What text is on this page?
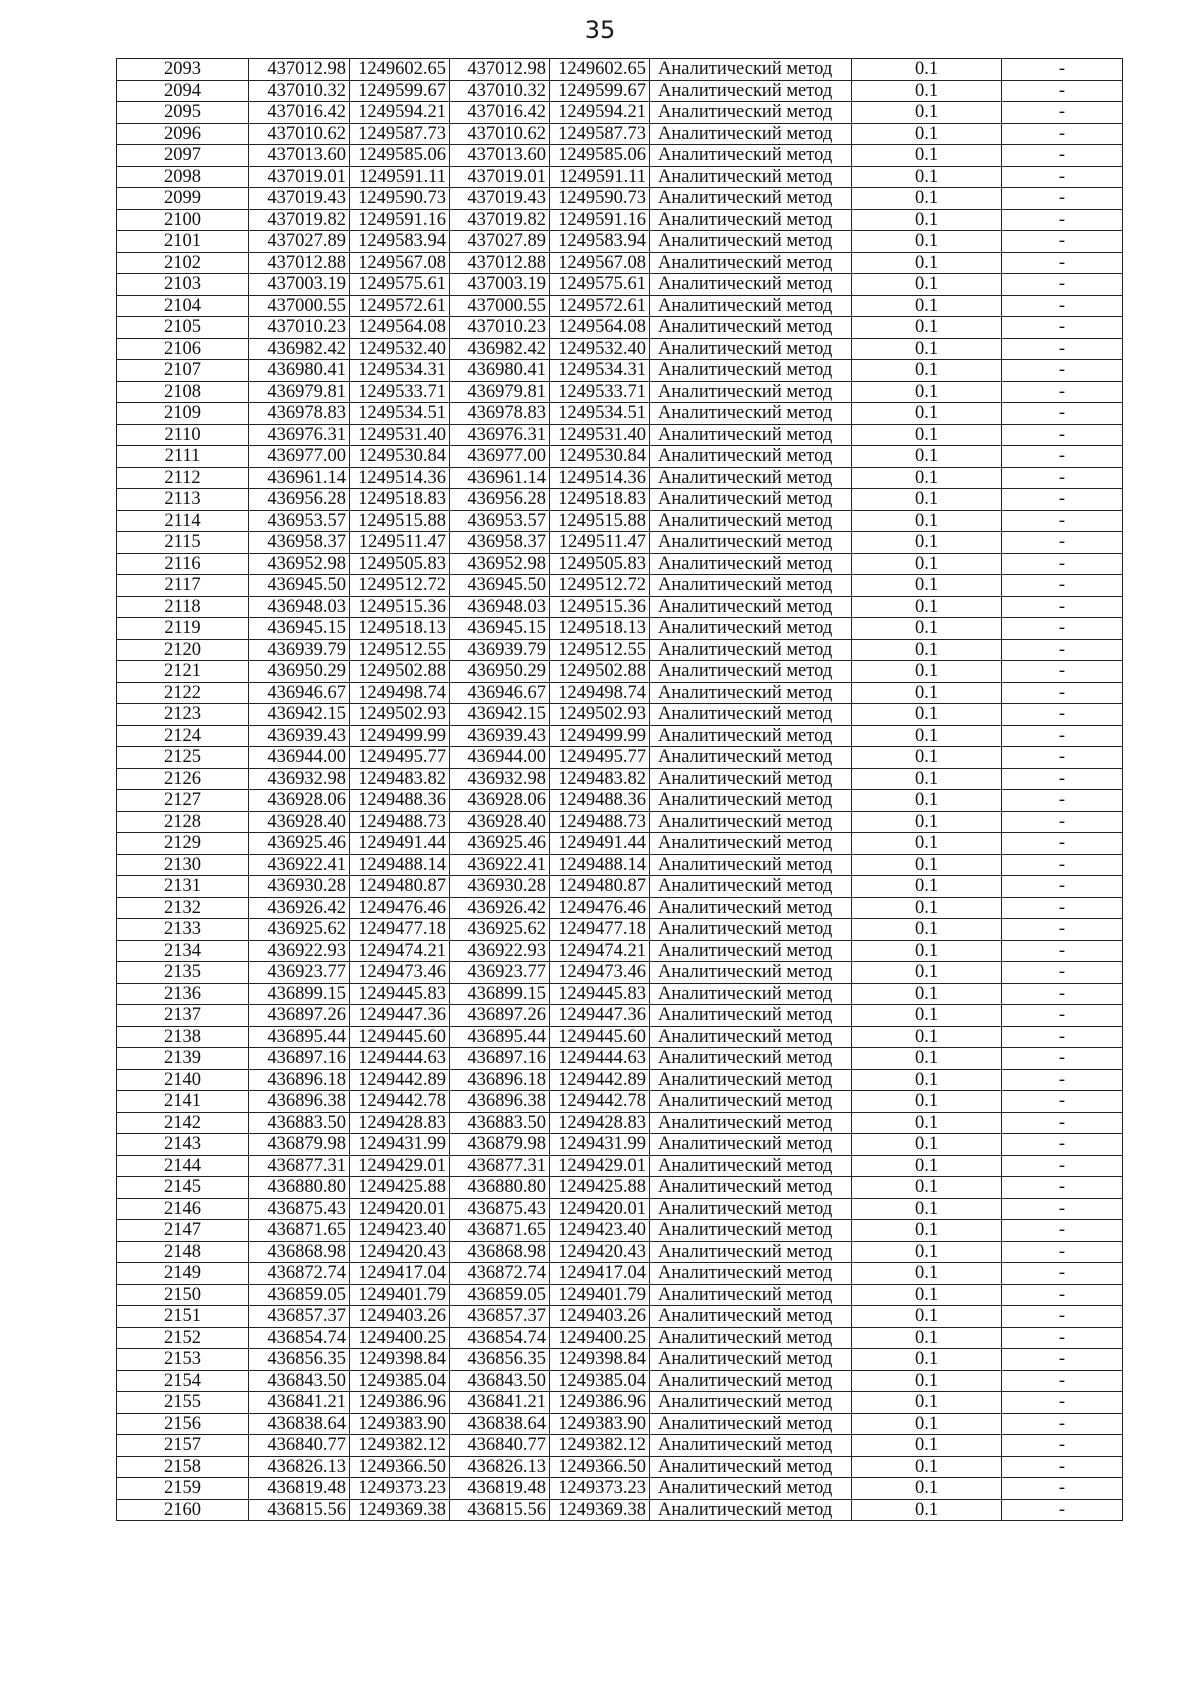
35
2093	437012.98	1249602.65	437012.98	1249602.65	Аналитический метод	0.1	-
2094	437010.32	1249599.67	437010.32	1249599.67	Аналитический метод	0.1	-
2095	437016.42	1249594.21	437016.42	1249594.21	Аналитический метод	0.1	-
2096	437010.62	1249587.73	437010.62	1249587.73	Аналитический метод	0.1	-
2097	437013.60	1249585.06	437013.60	1249585.06	Аналитический метод	0.1	-
2098	437019.01	1249591.11	437019.01	1249591.11	Аналитический метод	0.1	-
2099	437019.43	1249590.73	437019.43	1249590.73	Аналитический метод	0.1	-
2100	437019.82	1249591.16	437019.82	1249591.16	Аналитический метод	0.1	-
2101	437027.89	1249583.94	437027.89	1249583.94	Аналитический метод	0.1	-
2102	437012.88	1249567.08	437012.88	1249567.08	Аналитический метод	0.1	-
2103	437003.19	1249575.61	437003.19	1249575.61	Аналитический метод	0.1	-
2104	437000.55	1249572.61	437000.55	1249572.61	Аналитический метод	0.1	-
2105	437010.23	1249564.08	437010.23	1249564.08	Аналитический метод	0.1	-
2106	436982.42	1249532.40	436982.42	1249532.40	Аналитический метод	0.1	-
2107	436980.41	1249534.31	436980.41	1249534.31	Аналитический метод	0.1	-
2108	436979.81	1249533.71	436979.81	1249533.71	Аналитический метод	0.1	-
2109	436978.83	1249534.51	436978.83	1249534.51	Аналитический метод	0.1	-
2110	436976.31	1249531.40	436976.31	1249531.40	Аналитический метод	0.1	-
2111	436977.00	1249530.84	436977.00	1249530.84	Аналитический метод	0.1	-
2112	436961.14	1249514.36	436961.14	1249514.36	Аналитический метод	0.1	-
2113	436956.28	1249518.83	436956.28	1249518.83	Аналитический метод	0.1	-
2114	436953.57	1249515.88	436953.57	1249515.88	Аналитический метод	0.1	-
2115	436958.37	1249511.47	436958.37	1249511.47	Аналитический метод	0.1	-
2116	436952.98	1249505.83	436952.98	1249505.83	Аналитический метод	0.1	-
2117	436945.50	1249512.72	436945.50	1249512.72	Аналитический метод	0.1	-
2118	436948.03	1249515.36	436948.03	1249515.36	Аналитический метод	0.1	-
2119	436945.15	1249518.13	436945.15	1249518.13	Аналитический метод	0.1	-
2120	436939.79	1249512.55	436939.79	1249512.55	Аналитический метод	0.1	-
2121	436950.29	1249502.88	436950.29	1249502.88	Аналитический метод	0.1	-
2122	436946.67	1249498.74	436946.67	1249498.74	Аналитический метод	0.1	-
2123	436942.15	1249502.93	436942.15	1249502.93	Аналитический метод	0.1	-
2124	436939.43	1249499.99	436939.43	1249499.99	Аналитический метод	0.1	-
2125	436944.00	1249495.77	436944.00	1249495.77	Аналитический метод	0.1	-
2126	436932.98	1249483.82	436932.98	1249483.82	Аналитический метод	0.1	-
2127	436928.06	1249488.36	436928.06	1249488.36	Аналитический метод	0.1	-
2128	436928.40	1249488.73	436928.40	1249488.73	Аналитический метод	0.1	-
2129	436925.46	1249491.44	436925.46	1249491.44	Аналитический метод	0.1	-
2130	436922.41	1249488.14	436922.41	1249488.14	Аналитический метод	0.1	-
2131	436930.28	1249480.87	436930.28	1249480.87	Аналитический метод	0.1	-
2132	436926.42	1249476.46	436926.42	1249476.46	Аналитический метод	0.1	-
2133	436925.62	1249477.18	436925.62	1249477.18	Аналитический метод	0.1	-
2134	436922.93	1249474.21	436922.93	1249474.21	Аналитический метод	0.1	-
2135	436923.77	1249473.46	436923.77	1249473.46	Аналитический метод	0.1	-
2136	436899.15	1249445.83	436899.15	1249445.83	Аналитический метод	0.1	-
2137	436897.26	1249447.36	436897.26	1249447.36	Аналитический метод	0.1	-
2138	436895.44	1249445.60	436895.44	1249445.60	Аналитический метод	0.1	-
2139	436897.16	1249444.63	436897.16	1249444.63	Аналитический метод	0.1	-
2140	436896.18	1249442.89	436896.18	1249442.89	Аналитический метод	0.1	-
2141	436896.38	1249442.78	436896.38	1249442.78	Аналитический метод	0.1	-
2142	436883.50	1249428.83	436883.50	1249428.83	Аналитический метод	0.1	-
2143	436879.98	1249431.99	436879.98	1249431.99	Аналитический метод	0.1	-
2144	436877.31	1249429.01	436877.31	1249429.01	Аналитический метод	0.1	-
2145	436880.80	1249425.88	436880.80	1249425.88	Аналитический метод	0.1	-
2146	436875.43	1249420.01	436875.43	1249420.01	Аналитический метод	0.1	-
2147	436871.65	1249423.40	436871.65	1249423.40	Аналитический метод	0.1	-
2148	436868.98	1249420.43	436868.98	1249420.43	Аналитический метод	0.1	-
2149	436872.74	1249417.04	436872.74	1249417.04	Аналитический метод	0.1	-
2150	436859.05	1249401.79	436859.05	1249401.79	Аналитический метод	0.1	-
2151	436857.37	1249403.26	436857.37	1249403.26	Аналитический метод	0.1	-
2152	436854.74	1249400.25	436854.74	1249400.25	Аналитический метод	0.1	-
2153	436856.35	1249398.84	436856.35	1249398.84	Аналитический метод	0.1	-
2154	436843.50	1249385.04	436843.50	1249385.04	Аналитический метод	0.1	-
2155	436841.21	1249386.96	436841.21	1249386.96	Аналитический метод	0.1	-
2156	436838.64	1249383.90	436838.64	1249383.90	Аналитический метод	0.1	-
2157	436840.77	1249382.12	436840.77	1249382.12	Аналитический метод	0.1	-
2158	436826.13	1249366.50	436826.13	1249366.50	Аналитический метод	0.1	-
2159	436819.48	1249373.23	436819.48	1249373.23	Аналитический метод	0.1	-
2160	436815.56	1249369.38	436815.56	1249369.38	Аналитический метод	0.1	-
